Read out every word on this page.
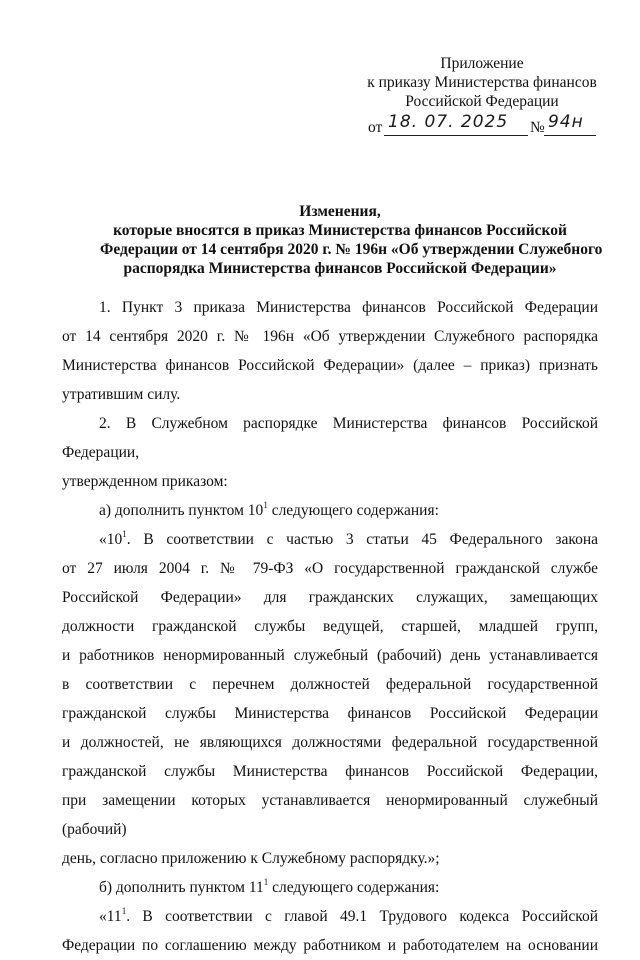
Приложение
к приказу Министерства финансов
Российской Федерации
от 18. 07. 2025 № 94н
Изменения,
которые вносятся в приказ Министерства финансов Российской
Федерации от 14 сентября 2020 г. № 196н «Об утверждении Служебного
распорядка Министерства финансов Российской Федерации»

1. Пункт 3 приказа Министерства финансов Российской Федерации

от 14 сентября 2020 г. № 196н «Об утверждении Служебного распорядка

Министерства финансов Российской Федерации» (далее – приказ) признать

утратившим силу.

2. В Служебном распорядке Министерства финансов Российской Федерации,

утвержденном приказом:

а) дополнить пунктом $10^1$ следующего содержания:

«$10^1$. В соответствии с частью 3 статьи 45 Федерального закона

от 27 июля 2004 г. № 79-ФЗ «О государственной гражданской службе

Российской Федерации» для гражданских служащих, замещающих

должности гражданской службы ведущей, старшей, младшей групп,

и работников ненормированный служебный (рабочий) день устанавливается

в соответствии с перечнем должностей федеральной государственной

гражданской службы Министерства финансов Российской Федерации

и должностей, не являющихся должностями федеральной государственной

гражданской службы Министерства финансов Российской Федерации,

при замещении которых устанавливается ненормированный служебный (рабочий)

день, согласно приложению к Служебному распорядку.»;

б) дополнить пунктом $11^1$ следующего содержания:

«$11^1$. В соответствии с главой 49.1 Трудового кодекса Российской

Федерации по соглашению между работником и работодателем на основании
